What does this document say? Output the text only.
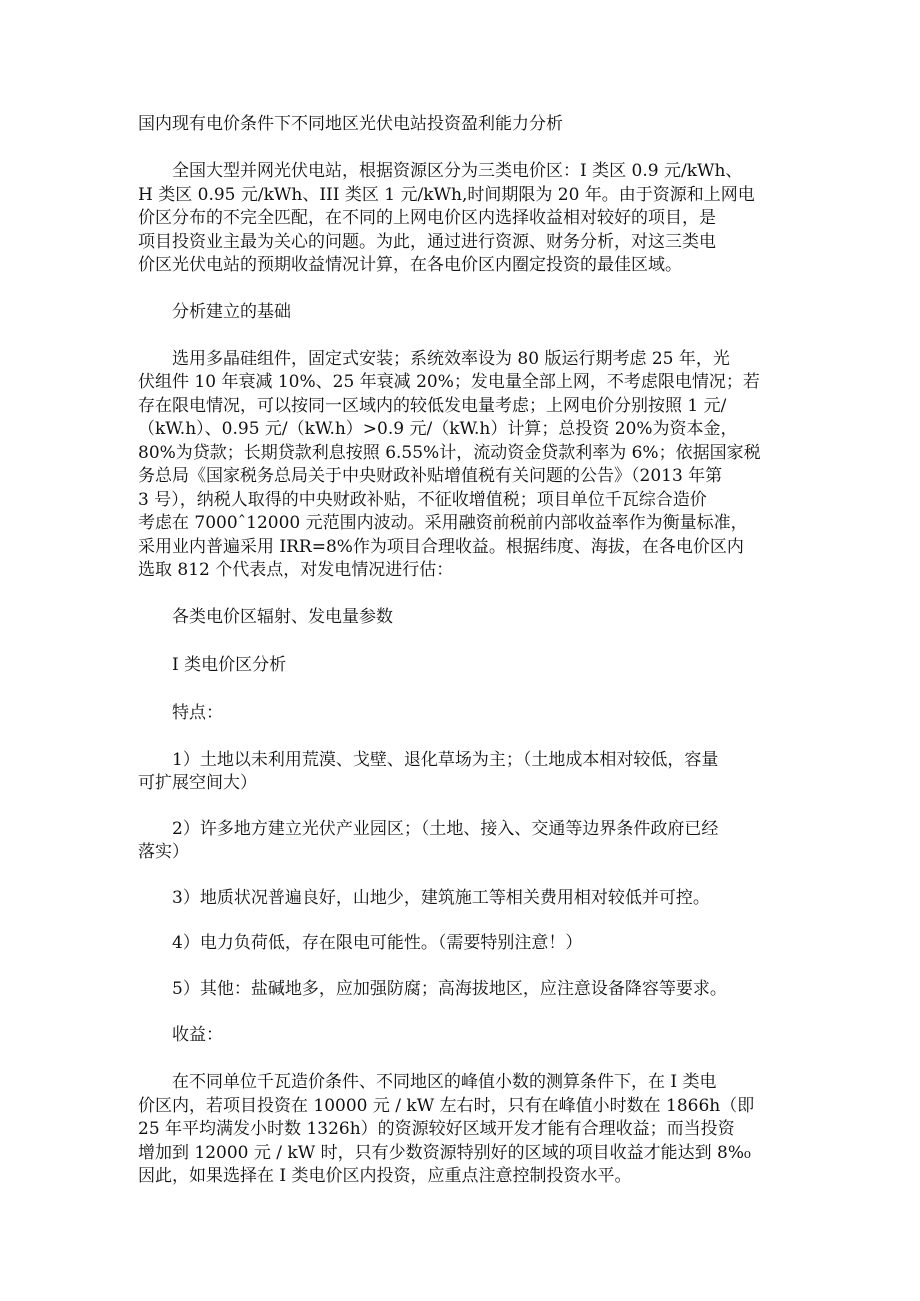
国内现有电价条件下不同地区光伏电站投资盈利能力分析
全国大型并网光伏电站，根据资源区分为三类电价区：I 类区 0.9 元/kWh、
H 类区 0.95 元/kWh、III 类区 1 元/kWh,时间期限为 20 年。由于资源和上网电
价区分布的不完全匹配，在不同的上网电价区内选择收益相对较好的项目，是
项目投资业主最为关心的问题。为此，通过进行资源、财务分析，对这三类电
价区光伏电站的预期收益情况计算，在各电价区内圈定投资的最佳区域。
分析建立的基础
选用多晶硅组件，固定式安装；系统效率设为 80 版运行期考虑 25 年，光
伏组件 10 年衰减 10%、25 年衰减 20%；发电量全部上网，不考虑限电情况；若
存在限电情况，可以按同一区域内的较低发电量考虑；上网电价分别按照 1 元/
（kW.h）、0.95 元/（kW.h）>0.9 元/（kW.h）计算；总投资 20%为资本金，
80%为贷款；长期贷款利息按照 6.55%计，流动资金贷款利率为 6%；依据国家税
务总局《国家税务总局关于中央财政补贴增值税有关问题的公告》（2013 年第
3 号），纳税人取得的中央财政补贴，不征收增值税；项目单位千瓦综合造价
考虑在 7000ˆ12000 元范围内波动。采用融资前税前内部收益率作为衡量标准，
采用业内普遍采用 IRR=8%作为项目合理收益。根据纬度、海拔，在各电价区内
选取 812 个代表点，对发电情况进行估：
各类电价区辐射、发电量参数
I 类电价区分析
特点：
1）土地以未利用荒漠、戈壁、退化草场为主；（土地成本相对较低，容量
可扩展空间大）
2）许多地方建立光伏产业园区；（土地、接入、交通等边界条件政府已经
落实）
3）地质状况普遍良好，山地少，建筑施工等相关费用相对较低并可控。
4）电力负荷低，存在限电可能性。（需要特别注意！）
5）其他：盐碱地多，应加强防腐；高海拔地区，应注意设备降容等要求。
收益：
在不同单位千瓦造价条件、不同地区的峰值小数的测算条件下，在 I 类电
价区内，若项目投资在 10000 元 / kW 左右时，只有在峰值小时数在 1866h（即
25 年平均满发小时数 1326h）的资源较好区域开发才能有合理收益；而当投资
增加到 12000 元 / kW 时，只有少数资源特别好的区域的项目收益才能达到 8%₀
因此，如果选择在 I 类电价区内投资，应重点注意控制投资水平。
